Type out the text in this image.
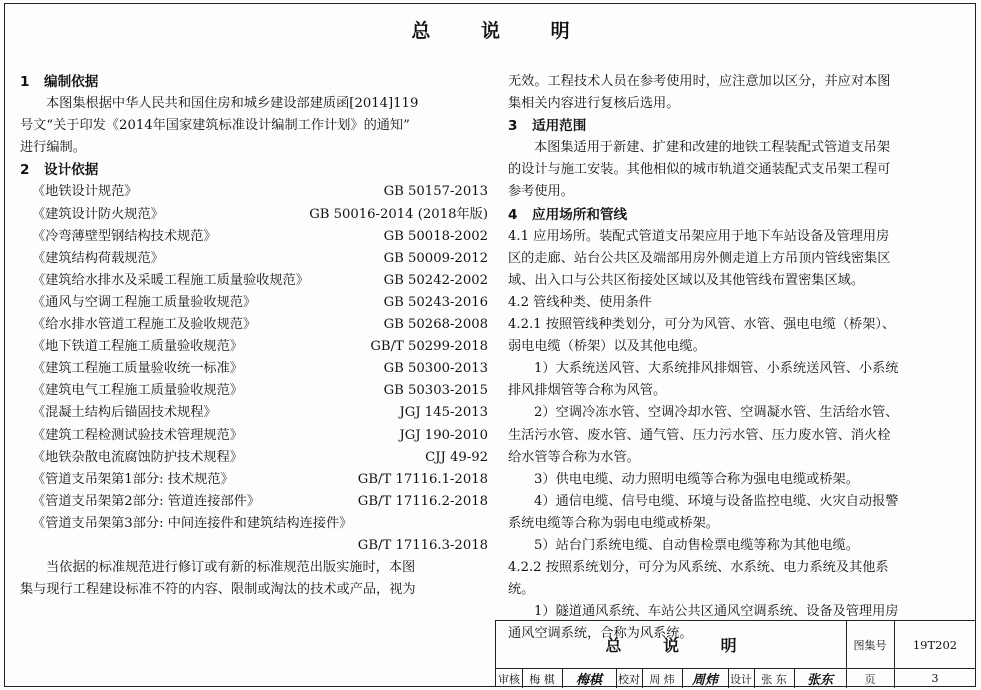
总 说 明
1 编制依据
本图集根据中华人民共和国住房和城乡建设部建质函[2014]119
号文“关于印发《2014年国家建筑标准设计编制工作计划》的通知”
进行编制。
2 设计依据
《地铁设计规范》	GB 50157-2013
《建筑设计防火规范》	GB 50016-2014 (2018年版)
《冷弯薄壁型钢结构技术规范》	GB 50018-2002
《建筑结构荷载规范》	GB 50009-2012
《建筑给水排水及采暖工程施工质量验收规范》	GB 50242-2002
《通风与空调工程施工质量验收规范》	GB 50243-2016
《给水排水管道工程施工及验收规范》	GB 50268-2008
《地下铁道工程施工质量验收规范》	GB/T 50299-2018
《建筑工程施工质量验收统一标准》	GB 50300-2013
《建筑电气工程施工质量验收规范》	GB 50303-2015
《混凝土结构后锚固技术规程》	JGJ 145-2013
《建筑工程检测试验技术管理规范》	JGJ 190-2010
《地铁杂散电流腐蚀防护技术规程》	CJJ 49-92
《管道支吊架第1部分: 技术规范》	GB/T 17116.1-2018
《管道支吊架第2部分: 管道连接部件》	GB/T 17116.2-2018
《管道支吊架第3部分: 中间连接件和建筑结构连接件》
GB/T 17116.3-2018
当依据的标准规范进行修订或有新的标准规范出版实施时，本图
集与现行工程建设标准不符的内容、限制或淘汰的技术或产品，视为
无效。工程技术人员在参考使用时，应注意加以区分，并应对本图
集相关内容进行复核后选用。
3 适用范围
本图集适用于新建、扩建和改建的地铁工程装配式管道支吊架
的设计与施工安装。其他相似的城市轨道交通装配式支吊架工程可
参考使用。
4 应用场所和管线
4.1 应用场所。装配式管道支吊架应用于地下车站设备及管理用房
区的走廊、站台公共区及端部用房外侧走道上方吊顶内管线密集区
域、出入口与公共区衔接处区域以及其他管线布置密集区域。
4.2 管线种类、使用条件
4.2.1 按照管线种类划分，可分为风管、水管、强电电缆（桥架）、
弱电电缆（桥架）以及其他电缆。
1）大系统送风管、大系统排风排烟管、小系统送风管、小系统
排风排烟管等合称为风管。
2）空调冷冻水管、空调冷却水管、空调凝水管、生活给水管、
生活污水管、废水管、通气管、压力污水管、压力废水管、消火栓
给水管等合称为水管。
3）供电电缆、动力照明电缆等合称为强电电缆或桥架。
4）通信电缆、信号电缆、环境与设备监控电缆、火灾自动报警
系统电缆等合称为弱电电缆或桥架。
5）站台门系统电缆、自动售检票电缆等称为其他电缆。
4.2.2 按照系统划分，可分为风系统、水系统、电力系统及其他系
统。
1）隧道通风系统、车站公共区通风空调系统、设备及管理用房
通风空调系统，合称为风系统。
总 说 明	图集号	19T202
审核 梅 棋	梅棋	校对 周 炜	周炜	设计 张 东	张东	页	3
